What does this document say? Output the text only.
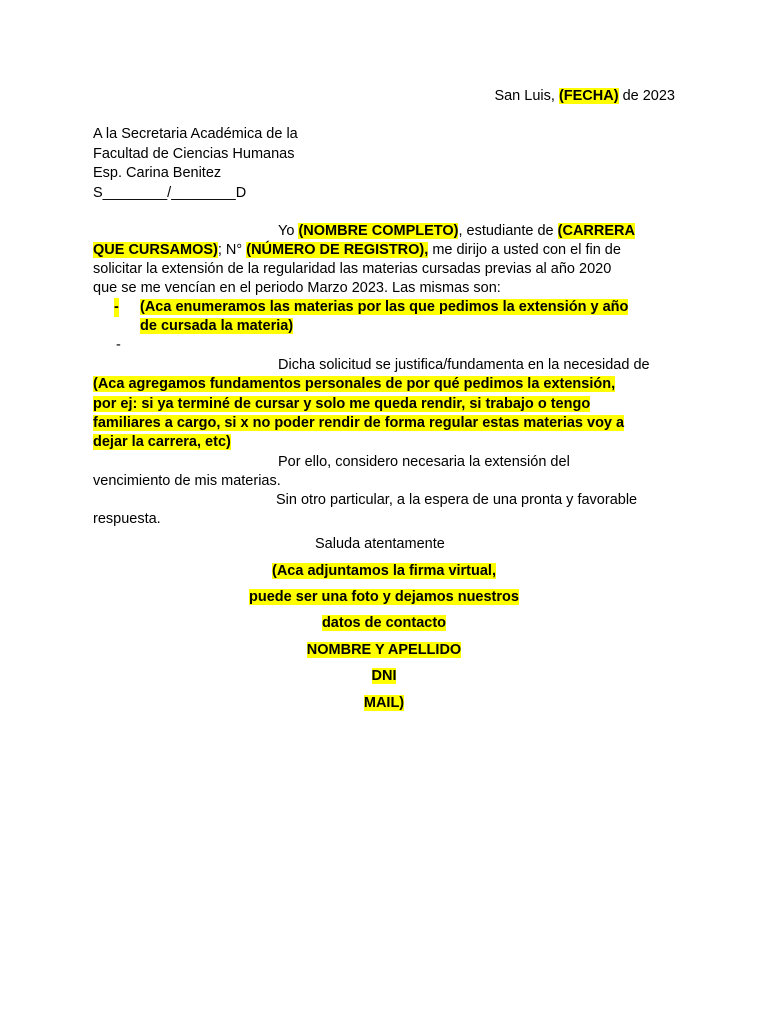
San Luis, (FECHA) de 2023
A la Secretaria Académica de la
Facultad de Ciencias Humanas
Esp. Carina Benitez
S________/________D
Yo (NOMBRE COMPLETO), estudiante de (CARRERA
QUE CURSAMOS); N° (NÚMERO DE REGISTRO), me dirijo a usted con el fin de
solicitar la extensión de la regularidad las materias cursadas previas al año 2020
que se me vencían en el periodo Marzo 2023. Las mismas son:
- (Aca enumeramos las materias por las que pedimos la extensión y año
de cursada la materia)
-
Dicha solicitud se justifica/fundamenta en la necesidad de
(Aca agregamos fundamentos personales de por qué pedimos la extensión,
por ej: si ya terminé de cursar y solo me queda rendir, si trabajo o tengo
familiares a cargo, si x no poder rendir de forma regular estas materias voy a
dejar la carrera, etc)
Por ello, considero necesaria la extensión del
vencimiento de mis materias.
Sin otro particular, a la espera de una pronta y favorable
respuesta.
Saluda atentamente
(Aca adjuntamos la firma virtual,
puede ser una foto y dejamos nuestros
datos de contacto
NOMBRE Y APELLIDO
DNI
MAIL)
